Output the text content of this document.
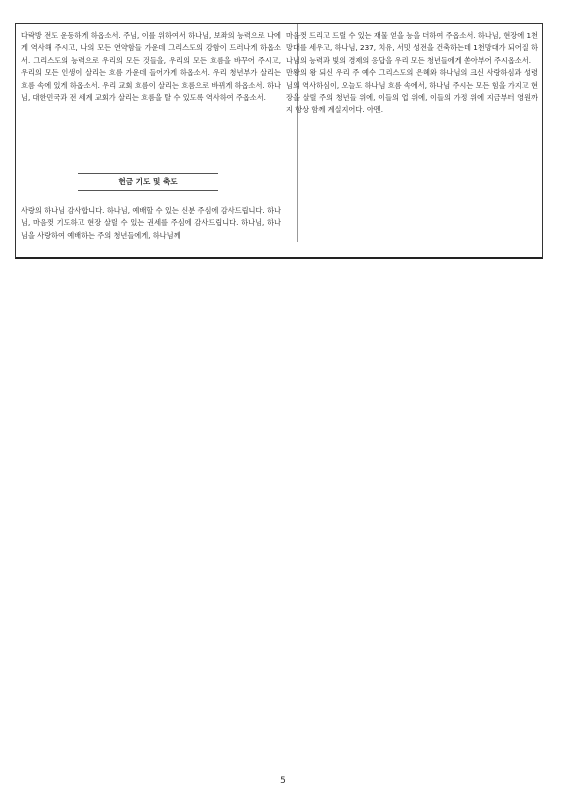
다락방 전도 운동하게 하옵소서. 주님, 이를 위하여서 하나님, 보좌의 능력으로 나에게 역사해 주시고, 나의 모든 연약함들 가운데 그리스도의 강함이 드러나게 하옵소서. 그리스도의 능력으로 우리의 모든 것들을, 우리의 모든 흐름을 바꾸어 주시고, 우리의 모든 인생이 살리는 흐름 가운데 들어가게 하옵소서. 우리 청년부가 살리는 흐름 속에 있게 하옵소서. 우리 교회 흐름이 살리는 흐름으로 바뀌게 하옵소서. 하나님, 대한민국과 전 세계 교회가 살리는 흐름을 탈 수 있도록 역사하여 주옵소서.

헌금 기도 및 축도

사랑의 하나님 감사합니다. 하나님, 예배할 수 있는 신분 주심에 감사드립니다. 하나님, 마음껏 기도하고 현장 살릴 수 있는 권세를 주심에 감사드립니다. 하나님, 하나님을 사랑하여 예배하는 주의 청년들에게, 하나님께

마음껏 드리고 드릴 수 있는 재물 얻을 능을 더하여 주옵소서. 하나님, 현장에 1천망대를 세우고, 하나님, 237, 치유, 서밋 성전을 건축하는데 1천망대가 되어질 하나님의 능력과 빛의 경제의 응답을 우리 모든 청년들에게 쏟아부어 주시옵소서.

만왕의 왕 되신 우리 주 예수 그리스도의 은혜와 하나님의 크신 사랑하심과 성령님의 역사하심이, 오늘도 하나님 흐름 속에서, 하나님 주시는 모든 힘을 가지고 현장을 살릴 주의 청년들 위에, 이들의 업 위에, 이들의 가정 위에 지금부터 영원까지 항상 함께 계실지어다. 아멘.

5
